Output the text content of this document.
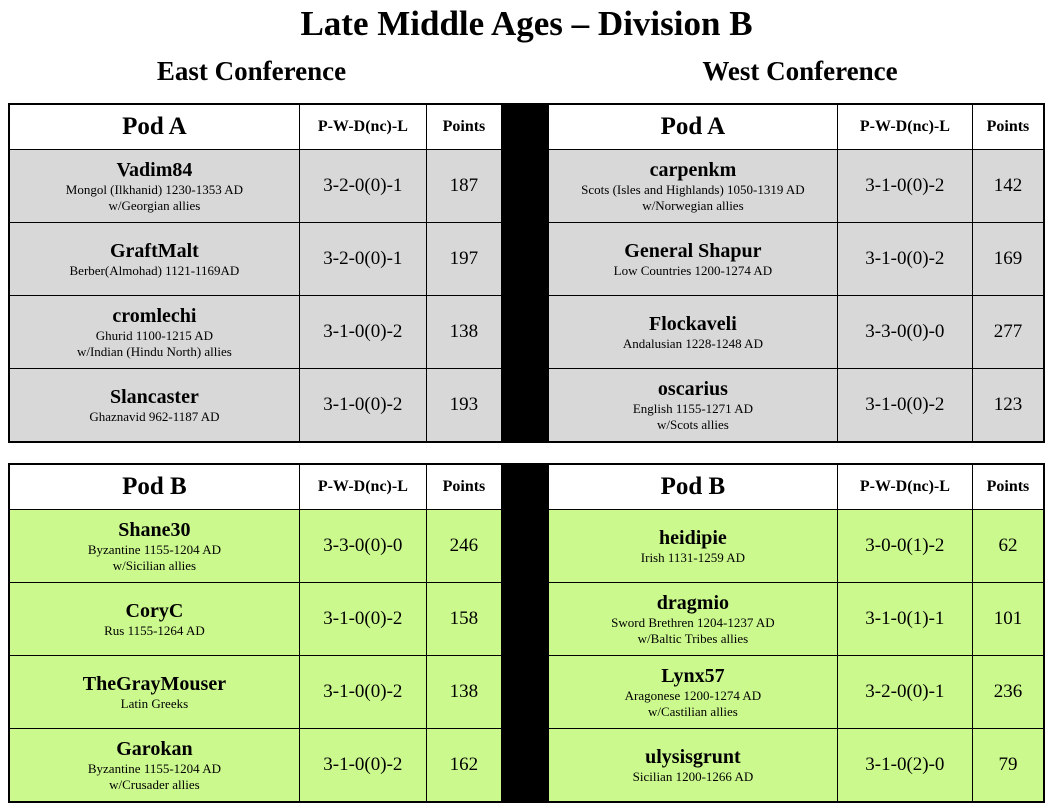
Late Middle Ages – Division B
East Conference	West Conference
Pod A	P-W-D(nc)-L	Points

Vadim84
Mongol (Ilkhanid) 1230-1353 AD
w/Georgian allies	3-2-0(0)-1	187

GraftMalt
Berber(Almohad) 1121-1169AD	3-2-0(0)-1	197

cromlechi
Ghurid 1100-1215 AD
w/Indian (Hindu North) allies	3-1-0(0)-2	138

Slancaster
Ghaznavid 962-1187 AD	3-1-0(0)-2	193
Pod A	P-W-D(nc)-L	Points

carpenkm
Scots (Isles and Highlands) 1050-1319 AD
w/Norwegian allies	3-1-0(0)-2	142

General Shapur
Low Countries 1200-1274 AD	3-1-0(0)-2	169

Flockaveli
Andalusian 1228-1248 AD	3-3-0(0)-0	277

oscarius
English 1155-1271 AD
w/Scots allies	3-1-0(0)-2	123
Pod B	P-W-D(nc)-L	Points

Shane30
Byzantine 1155-1204 AD
w/Sicilian allies	3-3-0(0)-0	246

CoryC
Rus 1155-1264 AD	3-1-0(0)-2	158

TheGrayMouser
Latin Greeks	3-1-0(0)-2	138

Garokan
Byzantine 1155-1204 AD
w/Crusader allies	3-1-0(0)-2	162
Pod B	P-W-D(nc)-L	Points

heidipie
Irish 1131-1259 AD	3-0-0(1)-2	62

dragmio
Sword Brethren 1204-1237 AD
w/Baltic Tribes allies	3-1-0(1)-1	101

Lynx57
Aragonese 1200-1274 AD
w/Castilian allies	3-2-0(0)-1	236

ulysisgrunt
Sicilian 1200-1266 AD	3-1-0(2)-0	79
